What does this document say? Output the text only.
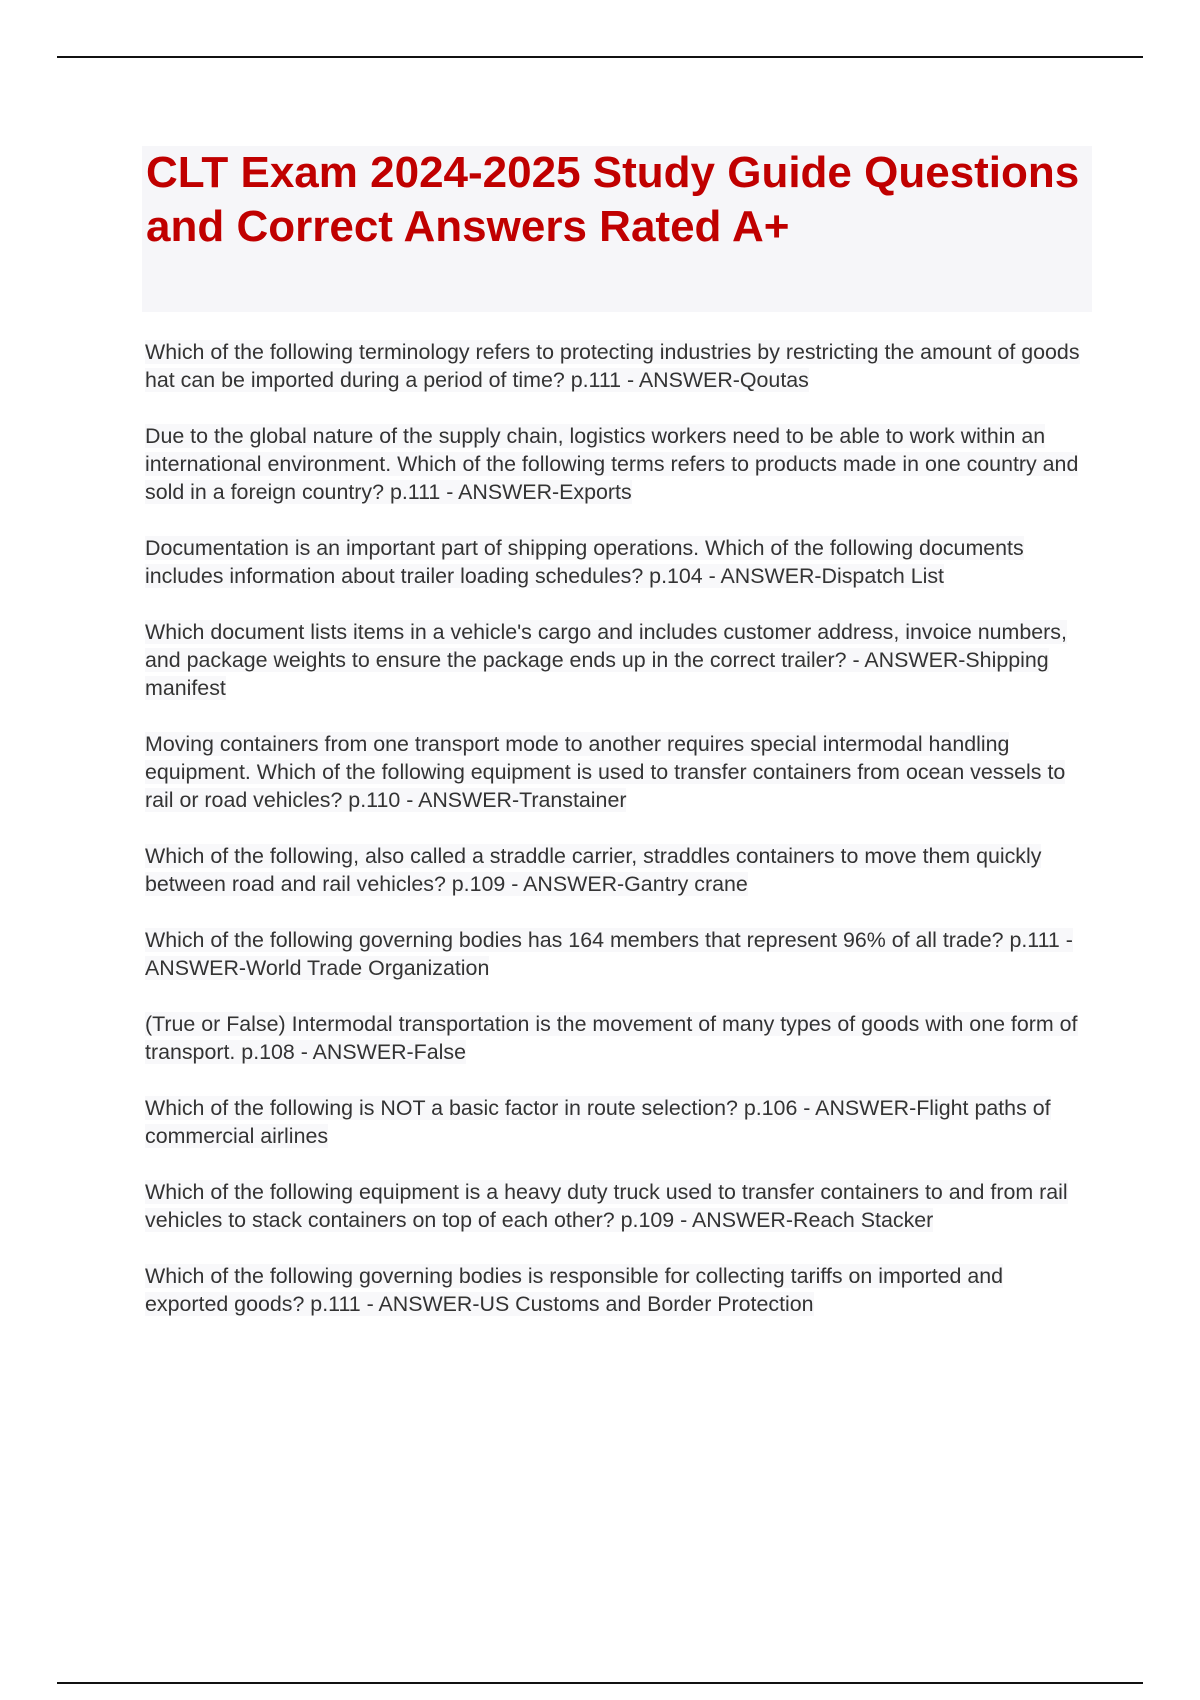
CLT Exam 2024-2025 Study Guide Questions and Correct Answers Rated A+

Which of the following terminology refers to protecting industries by restricting the amount of goods hat can be imported during a period of time? p.111 - ANSWER-Qoutas

Due to the global nature of the supply chain, logistics workers need to be able to work within an international environment. Which of the following terms refers to products made in one country and sold in a foreign country? p.111 - ANSWER-Exports

Documentation is an important part of shipping operations. Which of the following documents includes information about trailer loading schedules? p.104 - ANSWER-Dispatch List

Which document lists items in a vehicle's cargo and includes customer address, invoice numbers, and package weights to ensure the package ends up in the correct trailer? - ANSWER-Shipping manifest

Moving containers from one transport mode to another requires special intermodal handling equipment. Which of the following equipment is used to transfer containers from ocean vessels to rail or road vehicles? p.110 - ANSWER-Transtainer

Which of the following, also called a straddle carrier, straddles containers to move them quickly between road and rail vehicles? p.109 - ANSWER-Gantry crane

Which of the following governing bodies has 164 members that represent 96% of all trade? p.111 - ANSWER-World Trade Organization

(True or False) Intermodal transportation is the movement of many types of goods with one form of transport. p.108 - ANSWER-False

Which of the following is NOT a basic factor in route selection? p.106 - ANSWER-Flight paths of commercial airlines

Which of the following equipment is a heavy duty truck used to transfer containers to and from rail vehicles to stack containers on top of each other? p.109 - ANSWER-Reach Stacker

Which of the following governing bodies is responsible for collecting tariffs on imported and exported goods? p.111 - ANSWER-US Customs and Border Protection
